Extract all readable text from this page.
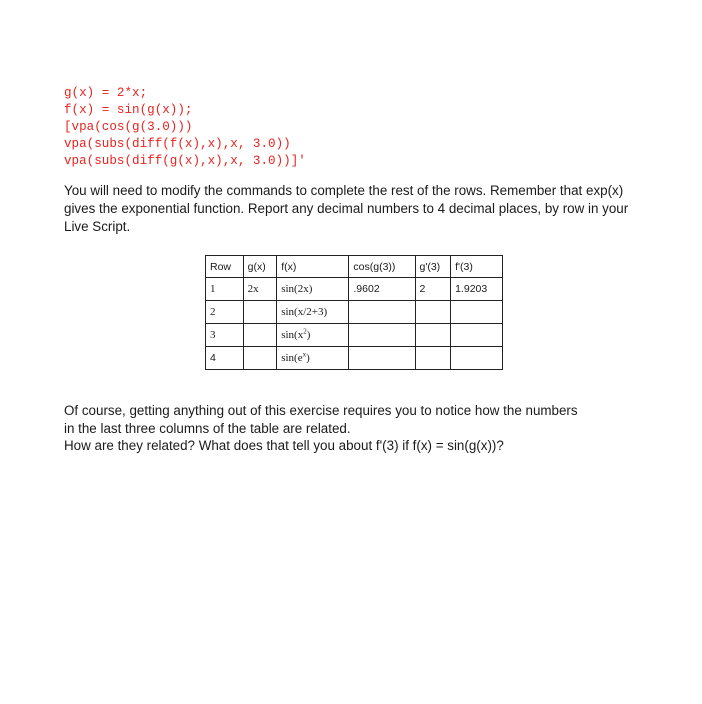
g(x) = 2*x;
f(x) = sin(g(x));
[vpa(cos(g(3.0)))
vpa(subs(diff(f(x),x),x, 3.0))
vpa(subs(diff(g(x),x),x, 3.0))]'

You will need to modify the commands to complete the rest of the rows. Remember that exp(x) gives the exponential function. Report any decimal numbers to 4 decimal places, by row in your Live Script.

Row	g(x)	f(x)	cos(g(3))	g'(3)	f'(3)
1	2x	sin(2x)	.9602	2	1.9203
2		sin(x/2+3)			
3		$\sin(x^2)$			
4		$\sin(e^x)$			
Of course, getting anything out of this exercise requires you to notice how the numbers
in the last three columns of the table are related.
How are they related? What does that tell you about f'(3) if f(x) = sin(g(x))?
